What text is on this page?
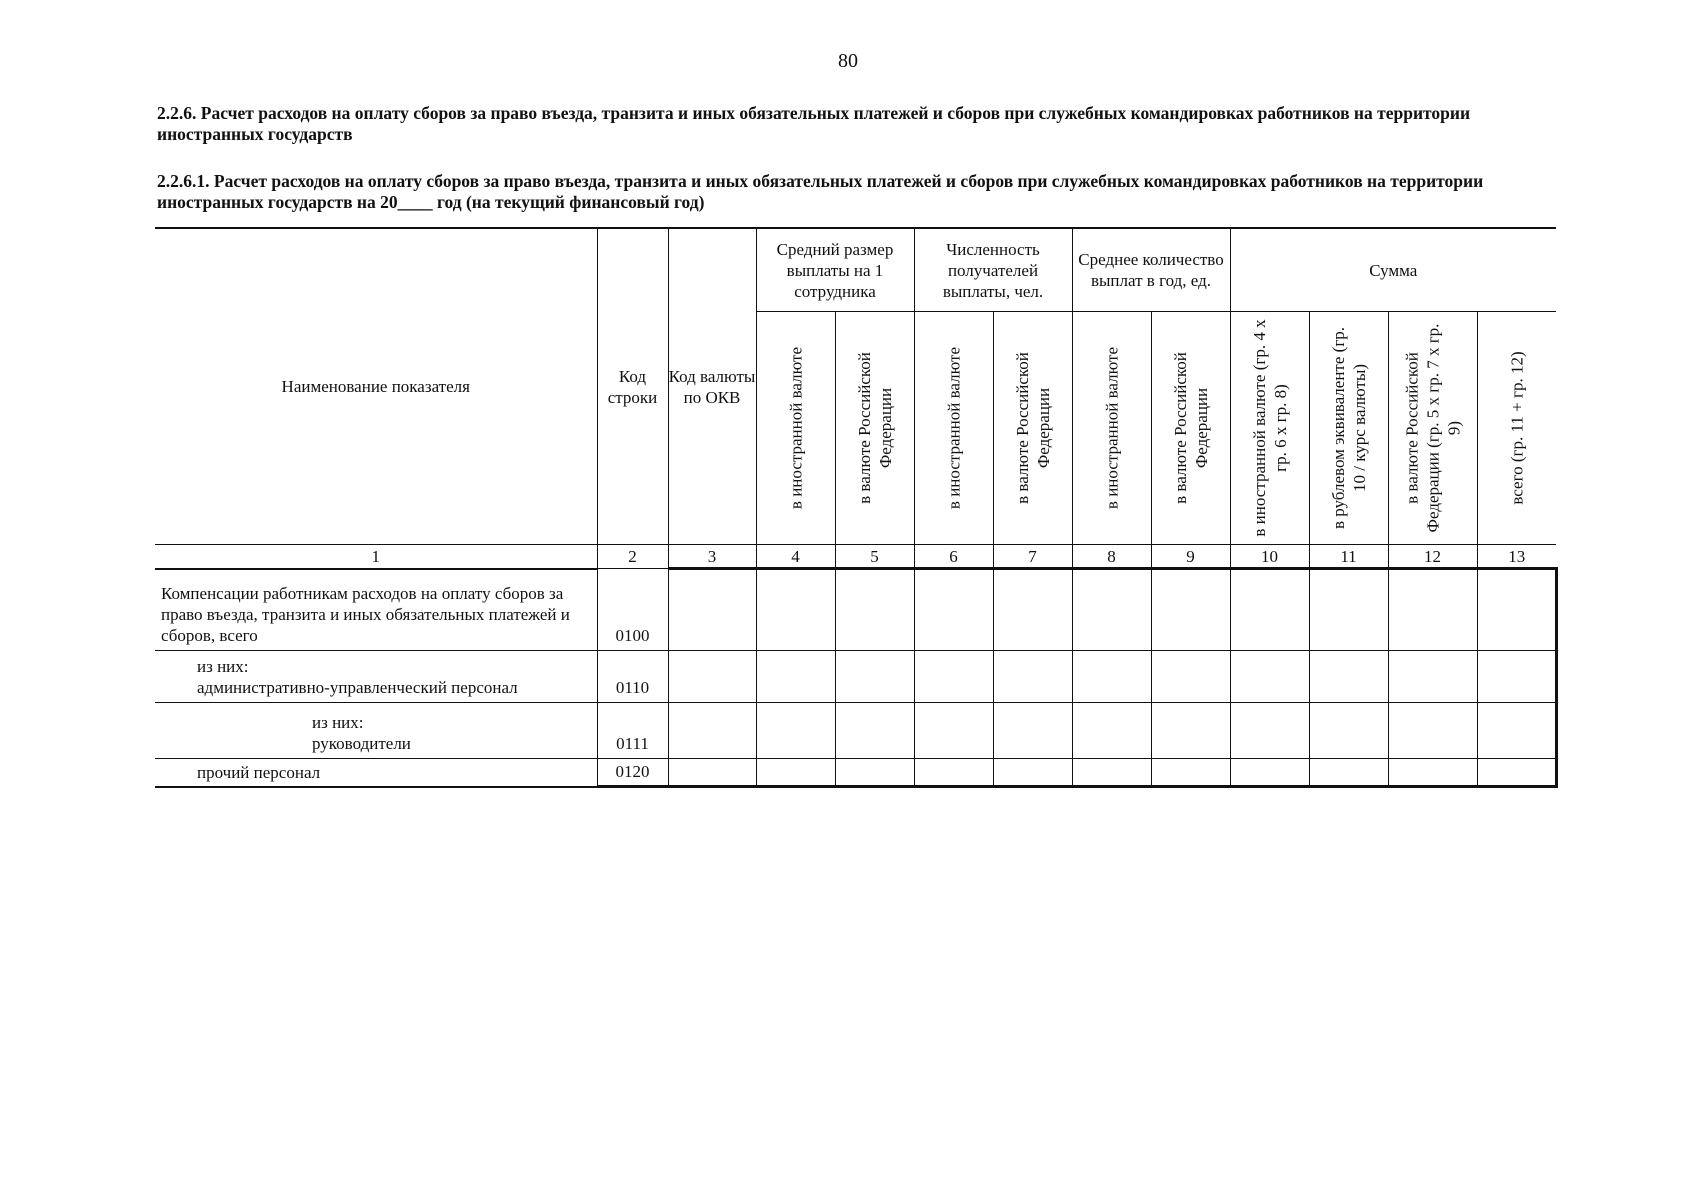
80
2.2.6. Расчет расходов на оплату сборов за право въезда, транзита и иных обязательных платежей и сборов при служебных командировках работников на территории иностранных государств
2.2.6.1. Расчет расходов на оплату сборов за право въезда, транзита и иных обязательных платежей и сборов при служебных командировках работников на территории иностранных государств на 20____ год (на текущий финансовый год)
Наименование показателя	Код строки	Код валюты по ОКВ	Средний размер выплаты на 1 сотрудника		Численность получателей выплаты, чел.		Среднее количество выплат в год, ед.		Сумма			

			в иностранной валюте	в валюте Российской Федерации	в иностранной валюте	в валюте Российской Федерации	в иностранной валюте	в валюте Российской Федерации	в иностранной валюте (гр. 4 х гр. 6 х гр. 8)	в рублевом эквиваленте (гр. 10 / курс валюты)	в валюте Российской Федерации (гр. 5 х гр. 7 х гр. 9)	всего (гр. 11 + гр. 12)

1	2	3	4	5	6	7	8	9	10	11	12	13
Компенсации работникам расходов на оплату сборов за право въезда, транзита и иных обязательных платежей и сборов, всего	0100											

из них:
административно-управленческий персонал	0110											

из них:
руководители	0111											
прочий персонал	0120											
